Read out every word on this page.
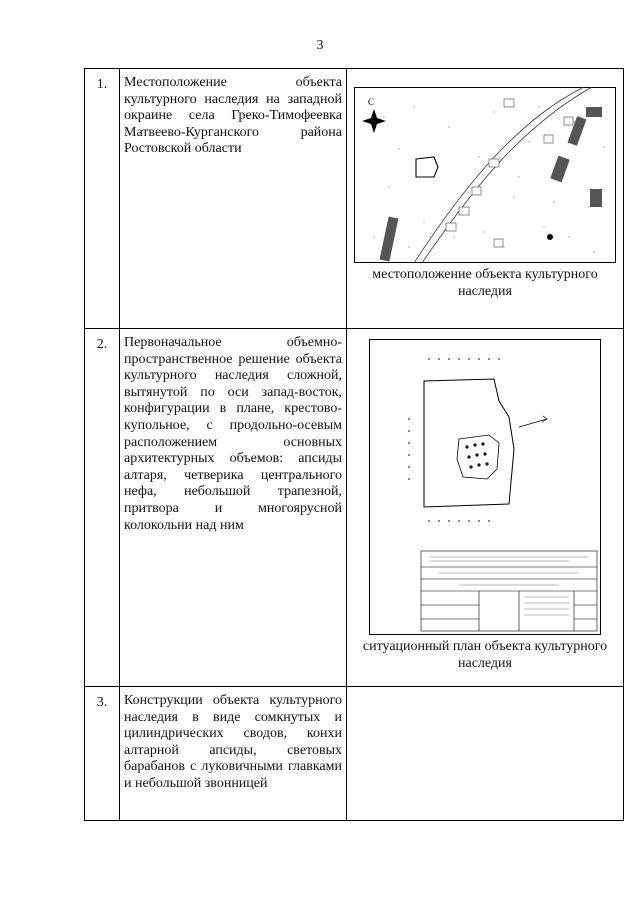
3
1.	Местоположение объекта культурного наследия на западной окраине села Греко-Тимофеевка Матвеево-Курганского района Ростовской области	С

местоположение объекта культурного наследия

2.	Первоначальное объемно-пространственное решение объекта культурного наследия сложной, вытянутой по оси запад-восток, конфигурации в плане, крестово-купольное, с продольно-осевым расположением основных архитектурных объемов: апсиды алтаря, четверика центрального нефа, небольшой трапезной, притвора и многоярусной колокольни над ним	ситуационный план объекта культурного наследия

3.	Конструкции объекта культурного наследия в виде сомкнутых и цилиндрических сводов, конхи алтарной апсиды, световых барабанов с луковичными главками и небольшой звонницей	
